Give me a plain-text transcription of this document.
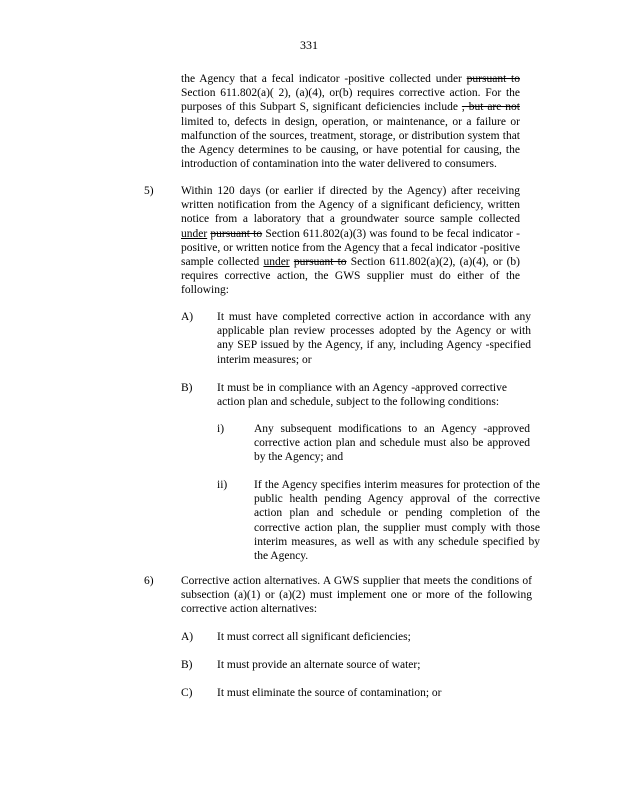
331

the Agency that a fecal indicator -positive collected under pursuant to Section 611.802(a)( 2), (a)(4), or(b) requires corrective action. For the purposes of this Subpart S, significant deficiencies include , but are not limited to, defects in design, operation, or maintenance, or a failure or malfunction of the sources, treatment, storage, or distribution system that the Agency determines to be causing, or have potential for causing, the introduction of contamination into the water delivered to consumers.

5) Within 120 days (or earlier if directed by the Agency) after receiving written notification from the Agency of a significant deficiency, written notice from a laboratory that a groundwater source sample collected under pursuant to Section 611.802(a)(3) was found to be fecal indicator -positive, or written notice from the Agency that a fecal indicator -positive sample collected under pursuant to Section 611.802(a)(2), (a)(4), or (b) requires corrective action, the GWS supplier must do either of the following:

A) It must have completed corrective action in accordance with any applicable plan review processes adopted by the Agency or with any SEP issued by the Agency, if any, including Agency -specified interim measures; or
B) It must be in compliance with an Agency -approved corrective action plan and schedule, subject to the following conditions:
i)	Any subsequent modifications to an Agency -approved corrective action plan and schedule must also be approved by the Agency; and
ii) If the Agency specifies interim measures for protection of the public health pending Agency approval of the corrective action plan and schedule or pending completion of the corrective action plan, the supplier must comply with those interim measures, as well as with any schedule specified by the Agency.
6) Corrective action alternatives. A GWS supplier that meets the conditions of subsection (a)(1) or (a)(2) must implement one or more of the following corrective action alternatives:
A) It must correct all significant deficiencies;
B) It must provide an alternate source of water;
C) It must eliminate the source of contamination; or
